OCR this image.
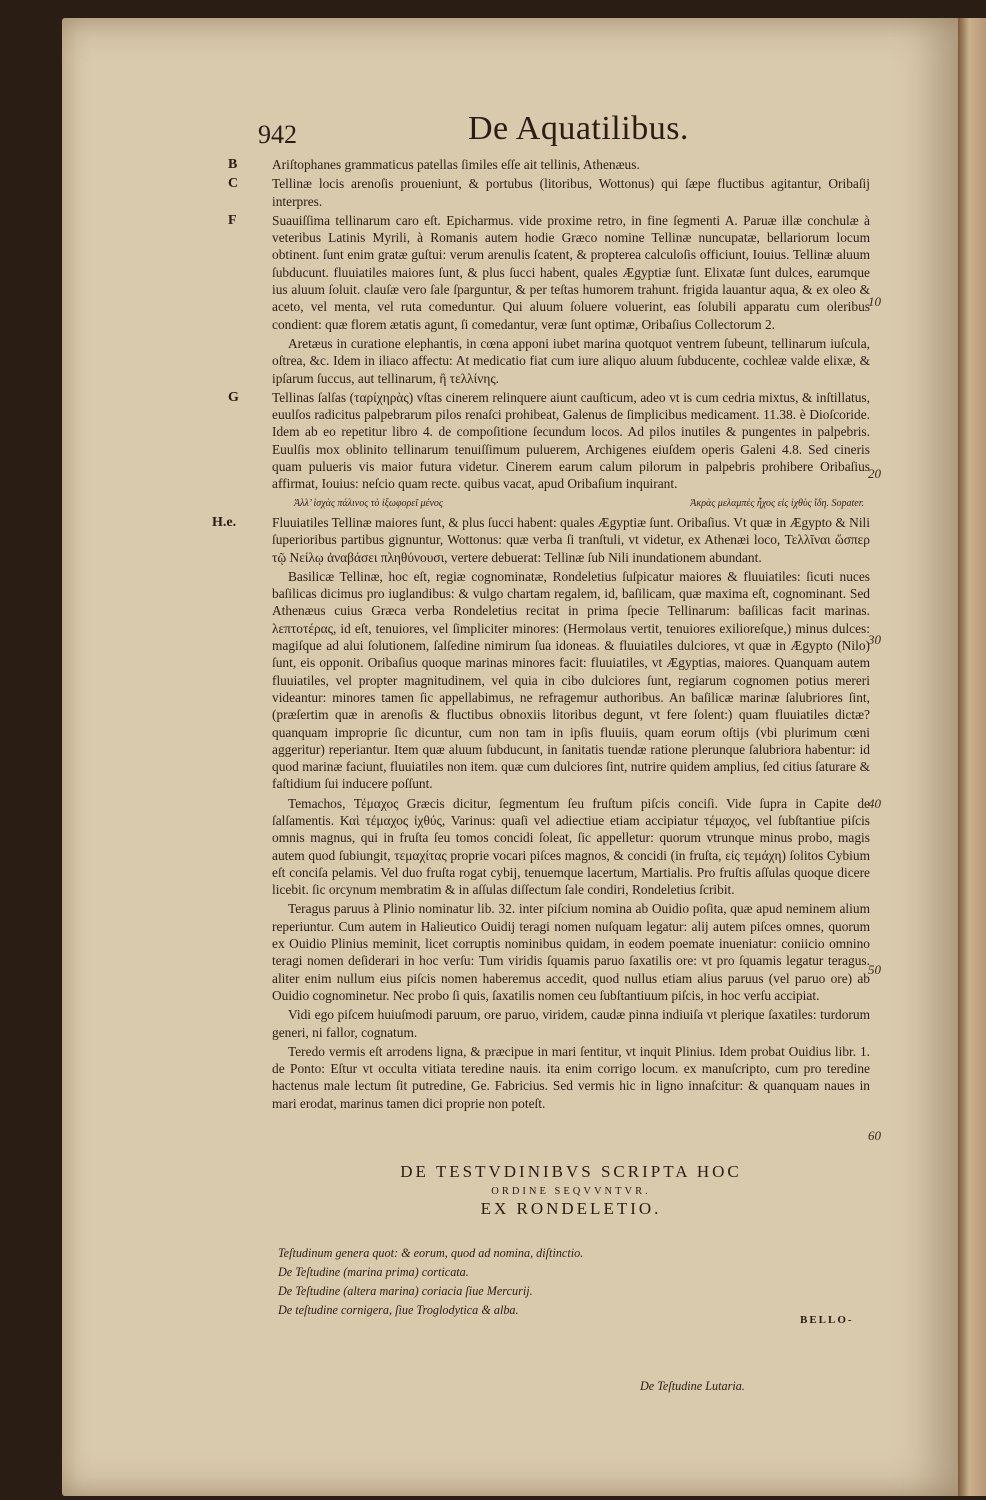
942	De Aquatilibus.

B	Ariſtophanes grammaticus patellas ſimiles eſſe ait tellinis, Athenæus.

C	Tellinæ locis arenoſis proueniunt, & portubus (litoribus, Wottonus) qui ſæpe fluctibus agitantur, Oribaſij interpres.

F	Suauiſſima tellinarum caro eſt. Epicharmus. vide proxime retro, in fine ſegmenti A. Paruæ illæ conchulæ à veteribus Latinis Myrili, à Romanis autem hodie Græco nomine Tellinæ nuncupatæ, bellariorum locum obtinent. ſunt enim gratæ guſtui: verum arenulis ſcatent, & propterea calculoſis officiunt, Iouius. Tellinæ aluum ſubducunt. fluuiatiles maiores ſunt, & plus ſucci habent, quales Ægyptiæ ſunt. Elixatæ ſunt dulces, earumque ius aluum ſoluit. clauſæ vero ſale ſparguntur, & per teſtas humorem trahunt. frigida lauantur aqua, & ex oleo & aceto, vel menta, vel ruta comeduntur. Qui aluum ſoluere voluerint, eas ſolubili apparatu cum oleribus condient: quæ florem ætatis agunt, ſi comedantur, veræ ſunt optimæ, Oribaſius Collectorum 2.

Aretæus in curatione elephantis, in cœna apponi iubet marina quotquot ventrem ſubeunt, tellinarum iuſcula, oſtrea, &c. Idem in iliaco affectu: At medicatio fiat cum iure aliquo aluum ſubducente, cochleæ valde elixæ, & ipſarum ſuccus, aut tellinarum, ἢ τελλίνης.

G Tellinas ſalſas (ταρίχηρὰς) vſtas cinerem relinquere aiunt cauſticum, adeo vt is cum cedria mixtus, & inſtillatus, euulſos radicitus palpebrarum pilos renaſci prohibeat, Galenus de ſimplicibus medicament. 11.38. è Dioſcoride. Idem ab eo repetitur libro 4. de compoſitione ſecundum locos. Ad pilos inutiles & pungentes in palpebris. Euulſis mox oblinito tellinarum tenuiſſimum puluerem, Archigenes eiuſdem operis Galeni 4.8. Sed cineris quam pulueris vis maior futura videtur. Cinerem earum calum pilorum in palpebris prohibere Oribaſius affirmat, Iouius: neſcio quam recte. quibus vacat, apud Oribaſium inquirant.

Ἀλλ’ ἰσχὰς πάλινος τὸ ἰξωφορεῖ μένος	Ἀκρὰς μελαμπὲς ἦχος εἰς ἰχθὺς ἴδη. Sopater.

H.e.	Fluuiatiles Tellinæ maiores ſunt, & plus ſucci habent: quales Ægyptiæ ſunt. Oribaſius. Vt quæ in Ægypto & Nili ſuperioribus partibus gignuntur, Wottonus: quæ verba ſi tranſtuli, vt videtur, ex Athenæi loco, Τελλῖναι ὥσπερ τῷ Νείλῳ ἀναβάσει πληθύνουσι, vertere debuerat: Tellinæ ſub Nili inundationem abundant.

Basilicæ Tellinæ, hoc eſt, regiæ cognominatæ, Rondeletius ſuſpicatur maiores & fluuiatiles: ſicuti nuces baſilicas dicimus pro iuglandibus: & vulgo chartam regalem, id, baſilicam, quæ maxima eſt, cognominant. Sed Athenæus cuius Græca verba Rondeletius recitat in prima ſpecie Tellinarum: baſilicas facit marinas. λεπτοτέρας, id eſt, tenuiores, vel ſimpliciter minores: (Hermolaus vertit, tenuiores exilioreſque,) minus dulces: magiſque ad alui ſolutionem, ſalſedine nimirum ſua idoneas. & fluuiatiles dulciores, vt quæ in Ægypto (Nilo) ſunt, eis opponit. Oribaſius quoque marinas minores facit: fluuiatiles, vt Ægyptias, maiores. Quanquam autem fluuiatiles, vel propter magnitudinem, vel quia in cibo dulciores ſunt, regiarum cognomen potius mereri videantur: minores tamen ſic appellabimus, ne refragemur authoribus. An baſilicæ marinæ ſalubriores ſint, (præſertim quæ in arenoſis & fluctibus obnoxiis litoribus degunt, vt fere ſolent:) quam fluuiatiles dictæ? quanquam improprie ſic dicuntur, cum non tam in ipſis fluuiis, quam eorum oſtijs (vbi plurimum cœni aggeritur) reperiantur. Item quæ aluum ſubducunt, in ſanitatis tuendæ ratione plerunque ſalubriora habentur: id quod marinæ faciunt, fluuiatiles non item. quæ cum dulciores ſint, nutrire quidem amplius, ſed citius ſaturare & faſtidium ſui inducere poſſunt.

Temachos, Τέμαχος Græcis dicitur, ſegmentum ſeu fruſtum piſcis conciſi. Vide ſupra in Capite de ſalſamentis. Καὶ τέμαχος ἰχθύς, Varinus: quaſi vel adiectiue etiam accipiatur τέμαχος, vel ſubſtantiue piſcis omnis magnus, qui in fruſta ſeu tomos concidi ſoleat, ſic appelletur: quorum vtrunque minus probo, magis autem quod ſubiungit, τεμαχίτας proprie vocari piſces magnos, & concidi (in fruſta, εἰς τεμάχη) ſolitos Cybium eſt conciſa pelamis. Vel duo fruſta rogat cybij, tenuemque lacertum, Martialis. Pro fruſtis aſſulas quoque dicere licebit. ſic orcynum membratim & in aſſulas diſſectum ſale condiri, Rondeletius ſcribit.

Teragus paruus à Plinio nominatur lib. 32. inter piſcium nomina ab Ouidio poſita, quæ apud neminem alium reperiuntur. Cum autem in Halieutico Ouidij teragi nomen nuſquam legatur: alij autem piſces omnes, quorum ex Ouidio Plinius meminit, licet corruptis nominibus quidam, in eodem poemate inueniatur: coniicio omnino teragi nomen deſiderari in hoc verſu: Tum viridis ſquamis paruo ſaxatilis ore: vt pro ſquamis legatur teragus. aliter enim nullum eius piſcis nomen haberemus accedit, quod nullus etiam alius paruus (vel paruo ore) ab Ouidio cognominetur. Nec probo ſi quis, ſaxatilis nomen ceu ſubſtantiuum piſcis, in hoc verſu accipiat.

Vidi ego piſcem huiuſmodi paruum, ore paruo, viridem, caudæ pinna indiuiſa vt plerique ſaxatiles: turdorum generi, ni fallor, cognatum.

Teredo vermis eſt arrodens ligna, & præcipue in mari ſentitur, vt inquit Plinius. Idem probat Ouidius libr. 1. de Ponto: Eſtur vt occulta vitiata teredine nauis. ita enim corrigo locum. ex manuſcripto, cum pro teredine hactenus male lectum ſit putredine, Ge. Fabricius. Sed vermis hic in ligno innaſcitur: & quanquam naues in mari erodat, marinus tamen dici proprie non poteſt.

10
20
30
40
50
60
DE TESTVDINIBVS SCRIPTA HOC
ORDINE SEQVVNTVR.
EX RONDELETIO.
Teſtudinum genera quot: & eorum, quod ad nomina, diſtinctio.
De Teſtudine (marina prima) corticata.
De Teſtudine (altera marina) coriacia ſiue Mercurij.
De teſtudine cornigera, ſiue Troglodytica & alba.
De Teſtudine Lutaria.
BELLO-
